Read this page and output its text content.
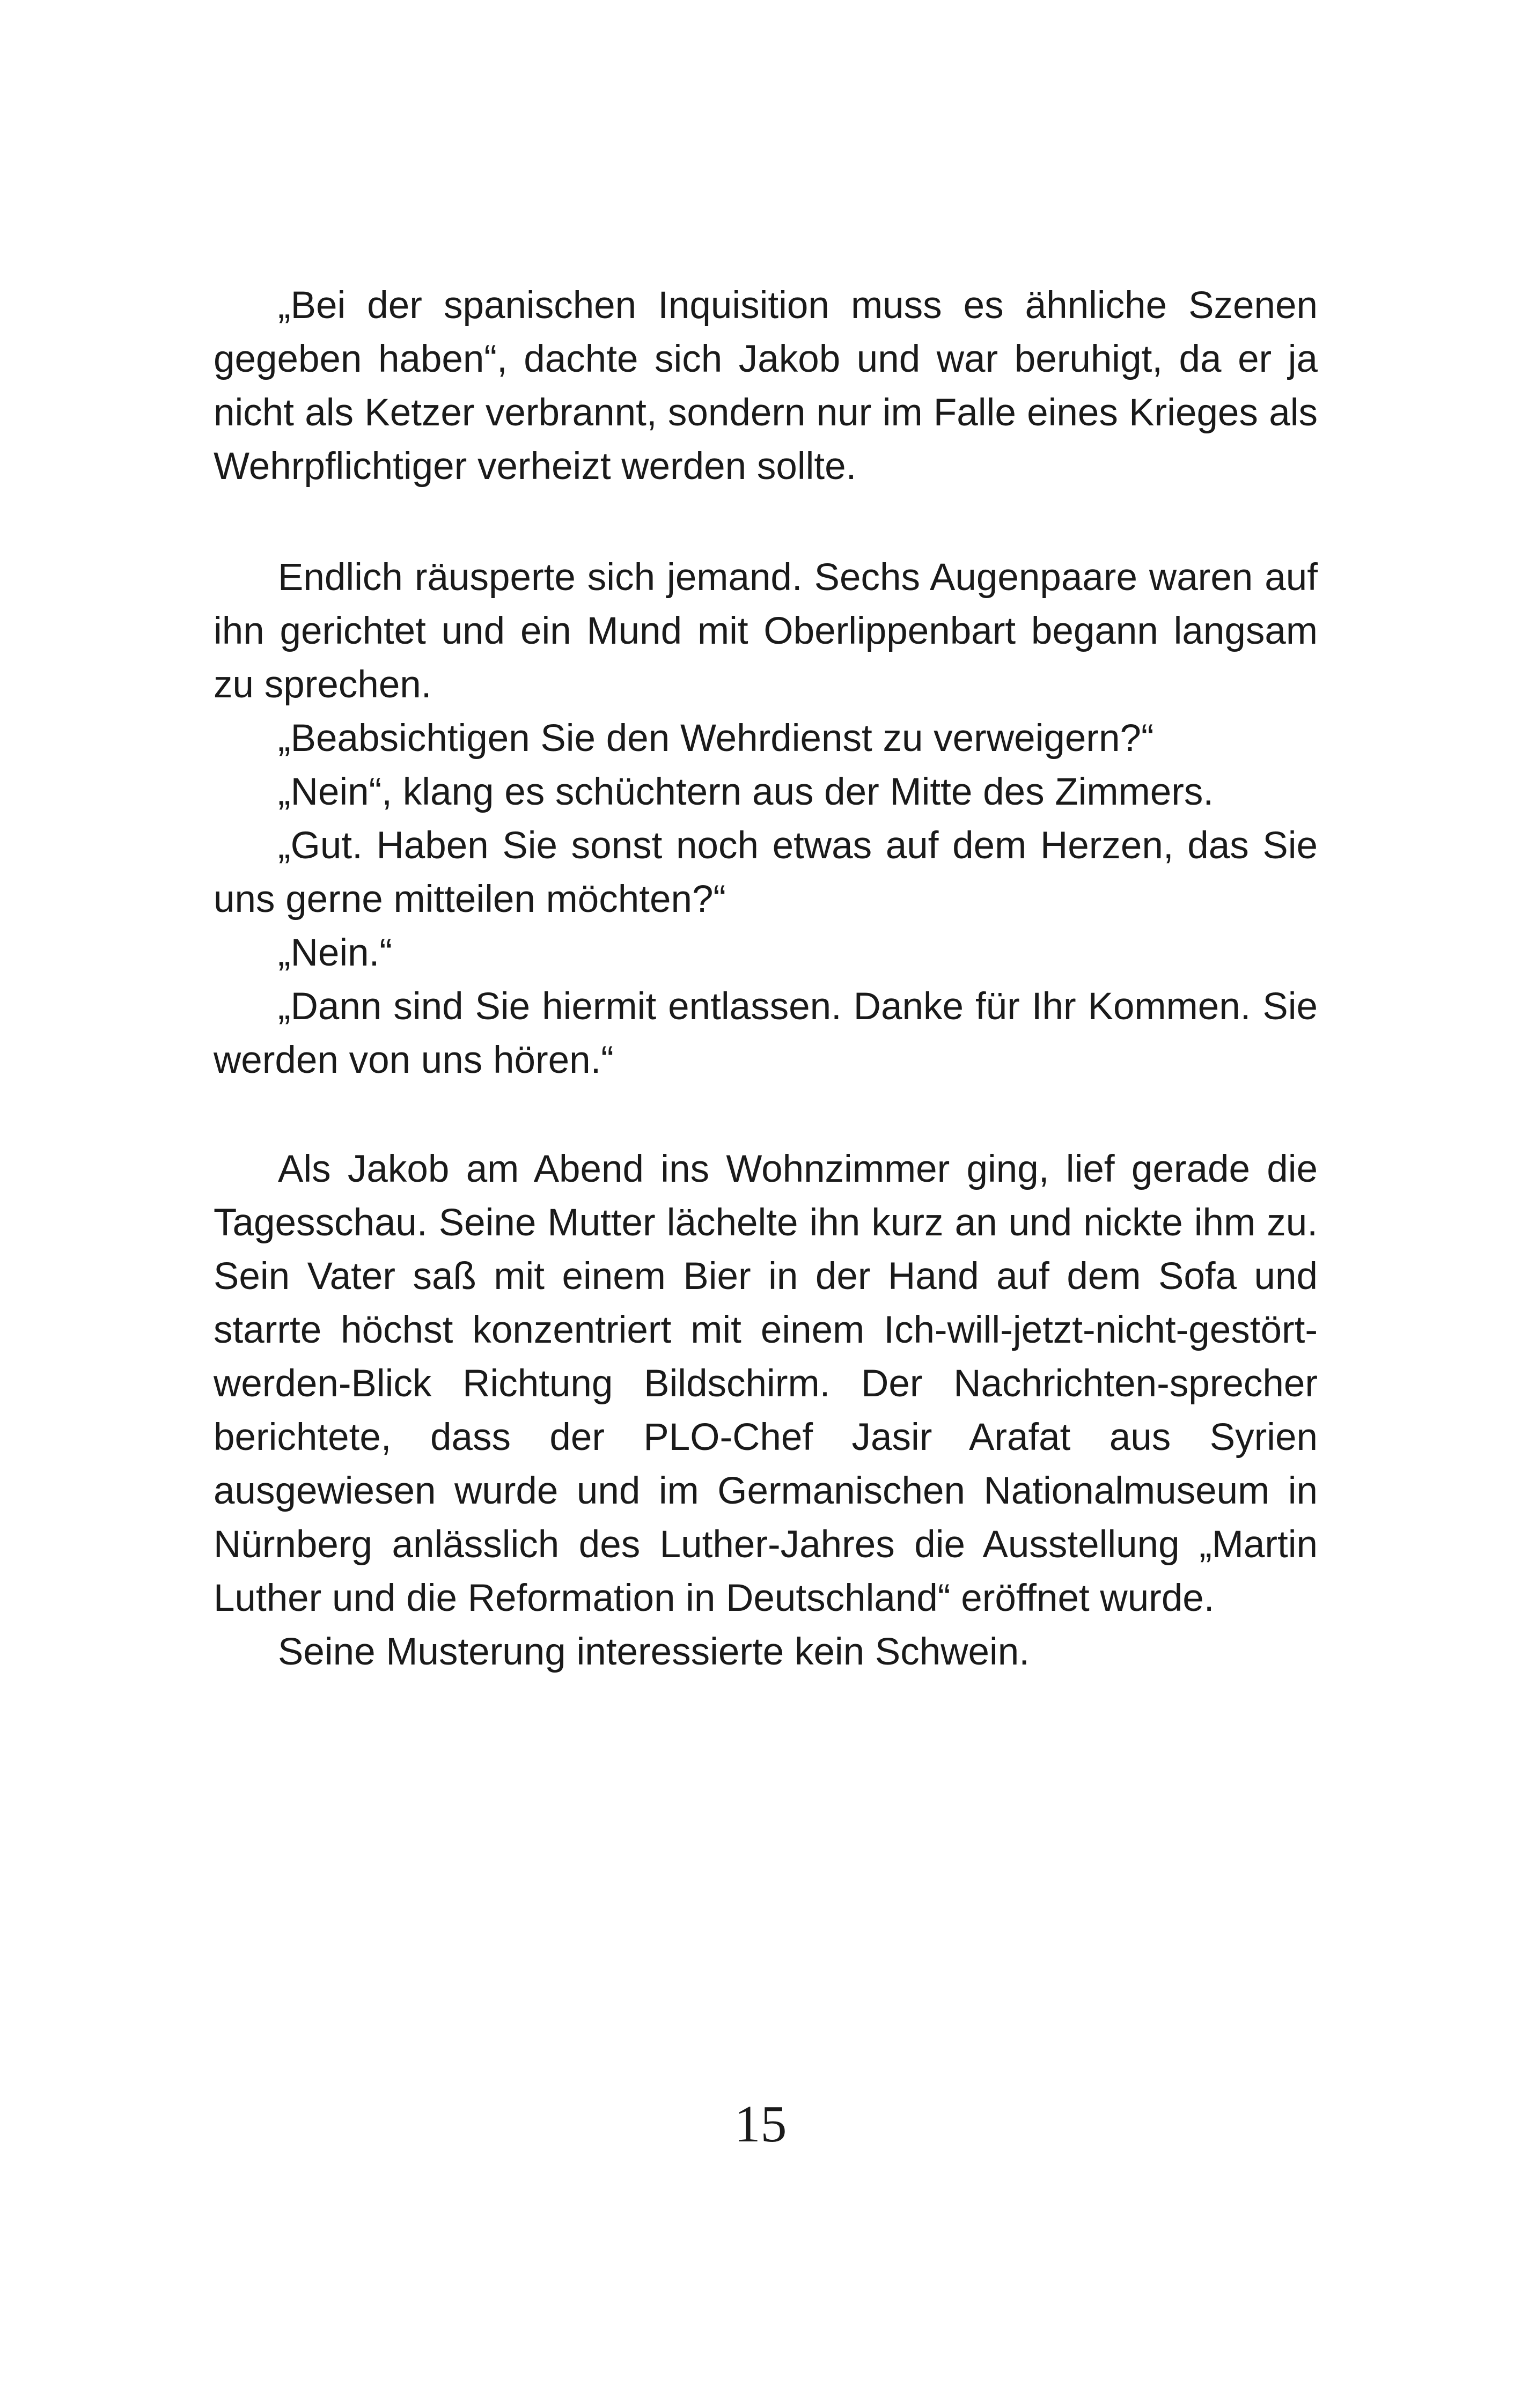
„Bei der spanischen Inquisition muss es ähnliche Szenen gegeben haben“, dachte sich Jakob und war beruhigt, da er ja nicht als Ketzer verbrannt, sondern nur im Falle eines Krieges als Wehrpflichtiger verheizt werden sollte.

Endlich räusperte sich jemand. Sechs Augenpaare waren auf ihn gerichtet und ein Mund mit Oberlippenbart begann langsam zu sprechen.

„Beabsichtigen Sie den Wehrdienst zu verweigern?“

„Nein“, klang es schüchtern aus der Mitte des Zimmers.

„Gut. Haben Sie sonst noch etwas auf dem Herzen, das Sie uns gerne mitteilen möchten?“

„Nein.“

„Dann sind Sie hiermit entlassen. Danke für Ihr Kommen. Sie werden von uns hören.“

Als Jakob am Abend ins Wohnzimmer ging, lief gerade die Tagesschau. Seine Mutter lächelte ihn kurz an und nickte ihm zu. Sein Vater saß mit einem Bier in der Hand auf dem Sofa und starrte höchst konzentriert mit einem Ich-will-jetzt-nicht-gestört-werden-Blick Richtung Bildschirm. Der Nachrichten-sprecher berichtete, dass der PLO-Chef Jasir Arafat aus Syrien ausgewiesen wurde und im Germanischen Nationalmuseum in Nürnberg anlässlich des Luther-Jahres die Ausstellung „Martin Luther und die Reformation in Deutschland“ eröffnet wurde.

Seine Musterung interessierte kein Schwein.

15
